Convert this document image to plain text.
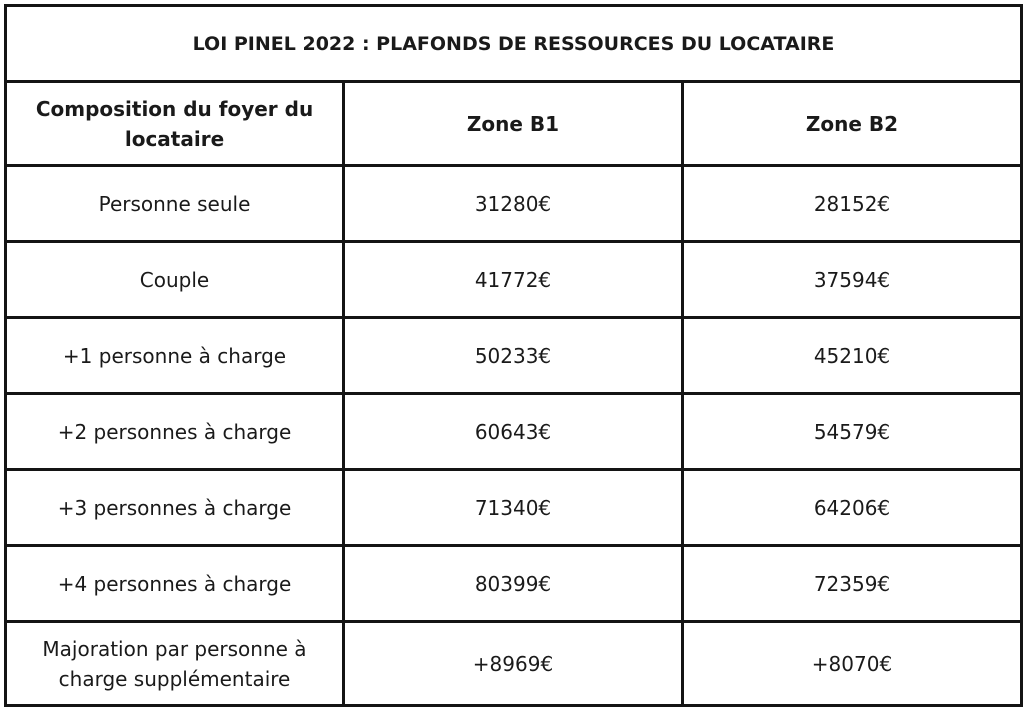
LOI PINEL 2022 : PLAFONDS DE RESSOURCES DU LOCATAIRE		
Composition du foyer du locataire	Zone B1	Zone B2
Personne seule	31280€	28152€
Couple	41772€	37594€
+1 personne à charge	50233€	45210€
+2 personnes à charge	60643€	54579€
+3 personnes à charge	71340€	64206€
+4 personnes à charge	80399€	72359€
Majoration par personne à charge supplémentaire	+8969€	+8070€
